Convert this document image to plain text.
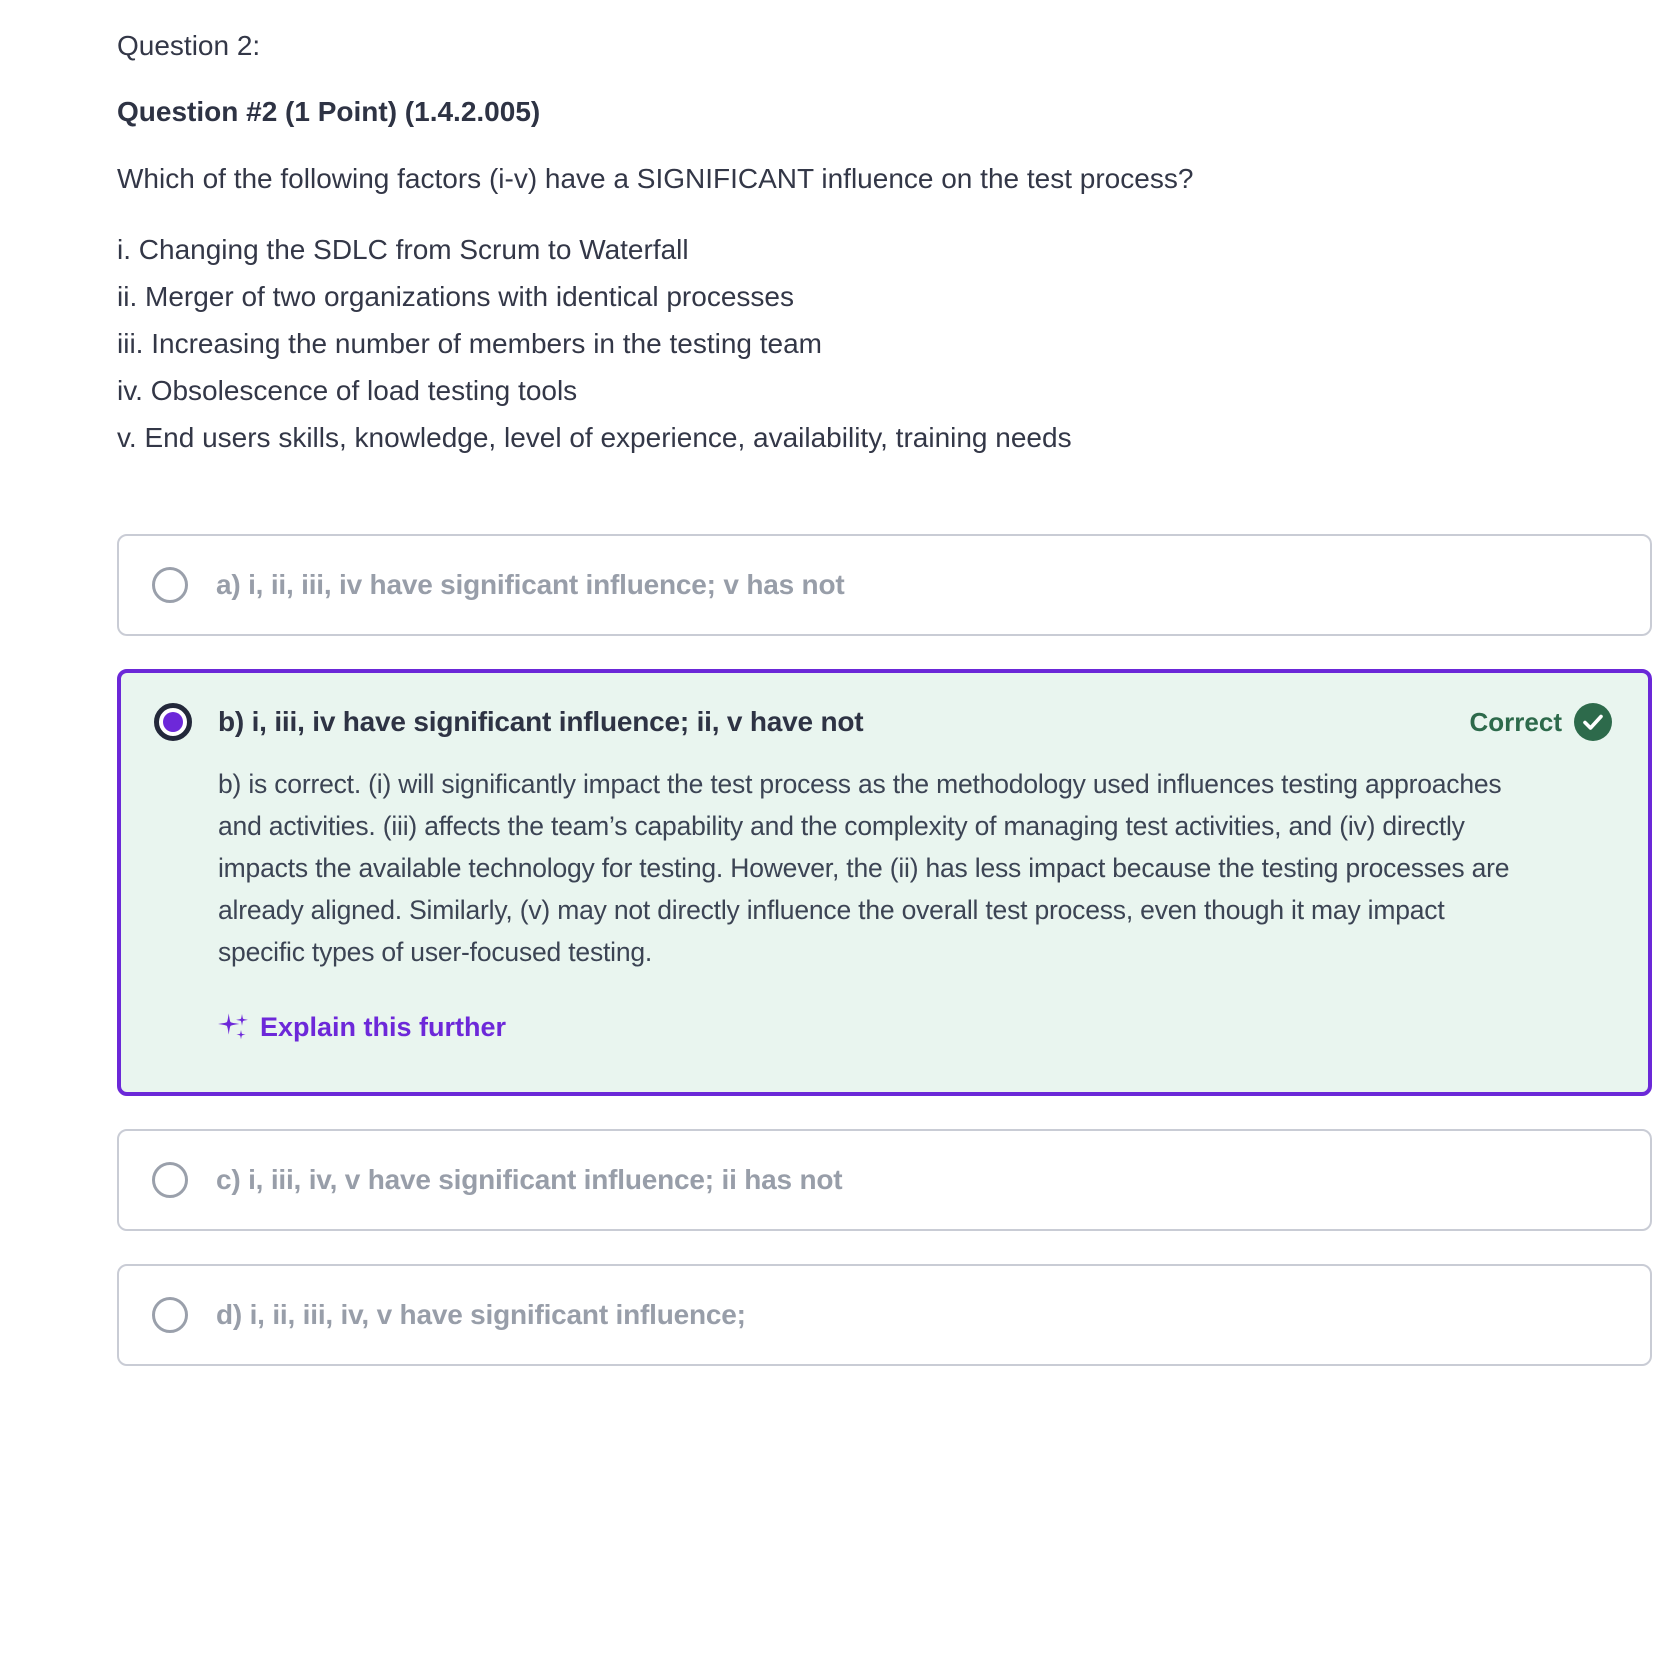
Question 2:
Question #2 (1 Point) (1.4.2.005)

Which of the following factors (i-v) have a SIGNIFICANT influence on the test process?

i. Changing the SDLC from Scrum to Waterfall
ii. Merger of two organizations with identical processes
iii. Increasing the number of members in the testing team
iv. Obsolescence of load testing tools
v. End users skills, knowledge, level of experience, availability, training needs
a) i, ii, iii, iv have significant influence; v has not
b) i, iii, iv have significant influence; ii, v have not	Correct

b) is correct. (i) will significantly impact the test process as the methodology used influences testing approaches and activities. (iii) affects the team’s capability and the complexity of managing test activities, and (iv) directly impacts the available technology for testing. However, the (ii) has less impact because the testing processes are already aligned. Similarly, (v) may not directly influence the overall test process, even though it may impact specific types of user-focused testing.

Explain this further
c) i, iii, iv, v have significant influence; ii has not
d) i, ii, iii, iv, v have significant influence;
